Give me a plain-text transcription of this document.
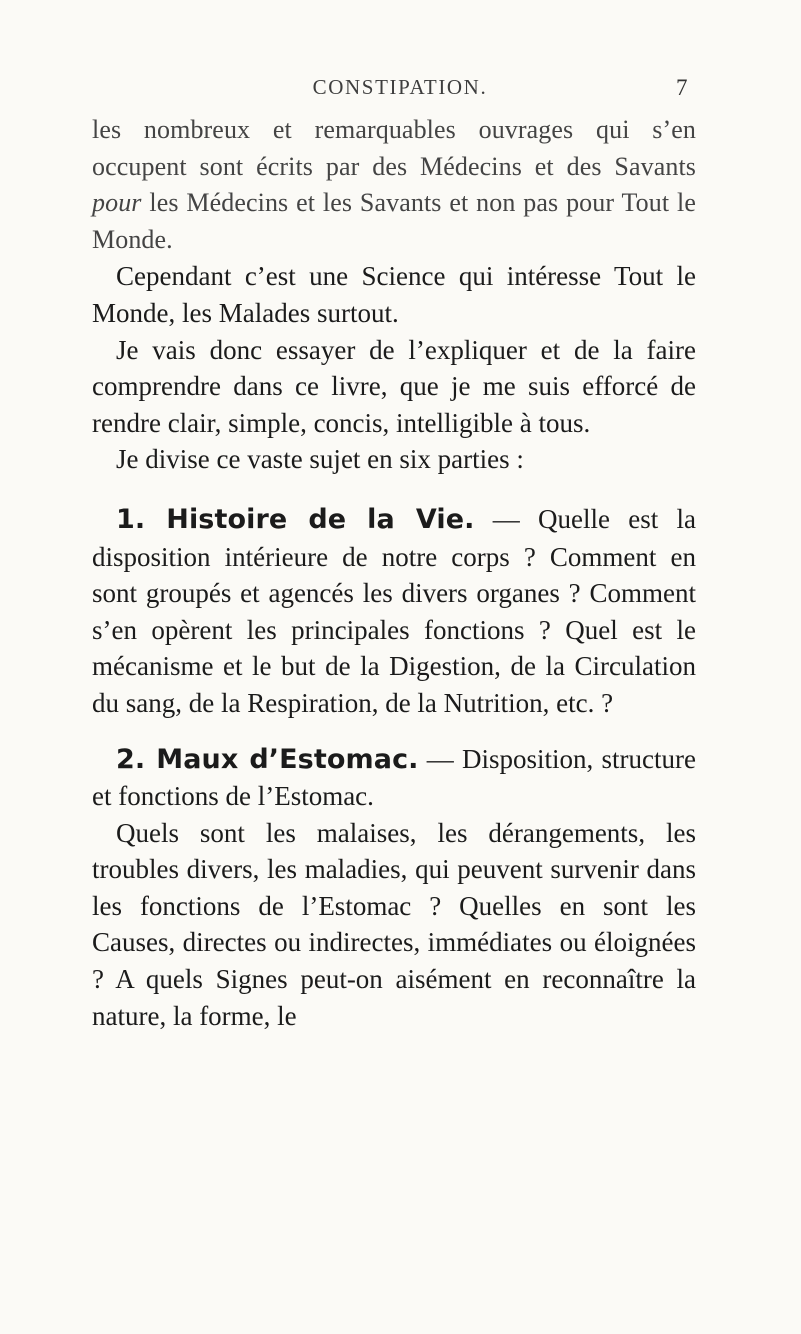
CONSTIPATION.	7

les nombreux et remarquables ouvrages qui s’en occupent sont écrits par des Médecins et des Savants pour les Médecins et les Savants et non pas pour Tout le Monde.

Cependant c’est une Science qui intéresse Tout le Monde, les Malades surtout.

Je vais donc essayer de l’expliquer et de la faire comprendre dans ce livre, que je me suis efforcé de rendre clair, simple, concis, intelligible à tous.

Je divise ce vaste sujet en six parties :

1. Histoire de la Vie. — Quelle est la disposition intérieure de notre corps ? Comment en sont groupés et agencés les divers organes ? Comment s’en opèrent les principales fonctions ? Quel est le mécanisme et le but de la Digestion, de la Circulation du sang, de la Respiration, de la Nutrition, etc. ?

2. Maux d’Estomac. — Disposition, structure et fonctions de l’Estomac.

Quels sont les malaises, les dérangements, les troubles divers, les maladies, qui peuvent survenir dans les fonctions de l’Estomac ? Quelles en sont les Causes, directes ou indirectes, immédiates ou éloignées ? A quels Signes peut-on aisément en reconnaître la nature, la forme, le
